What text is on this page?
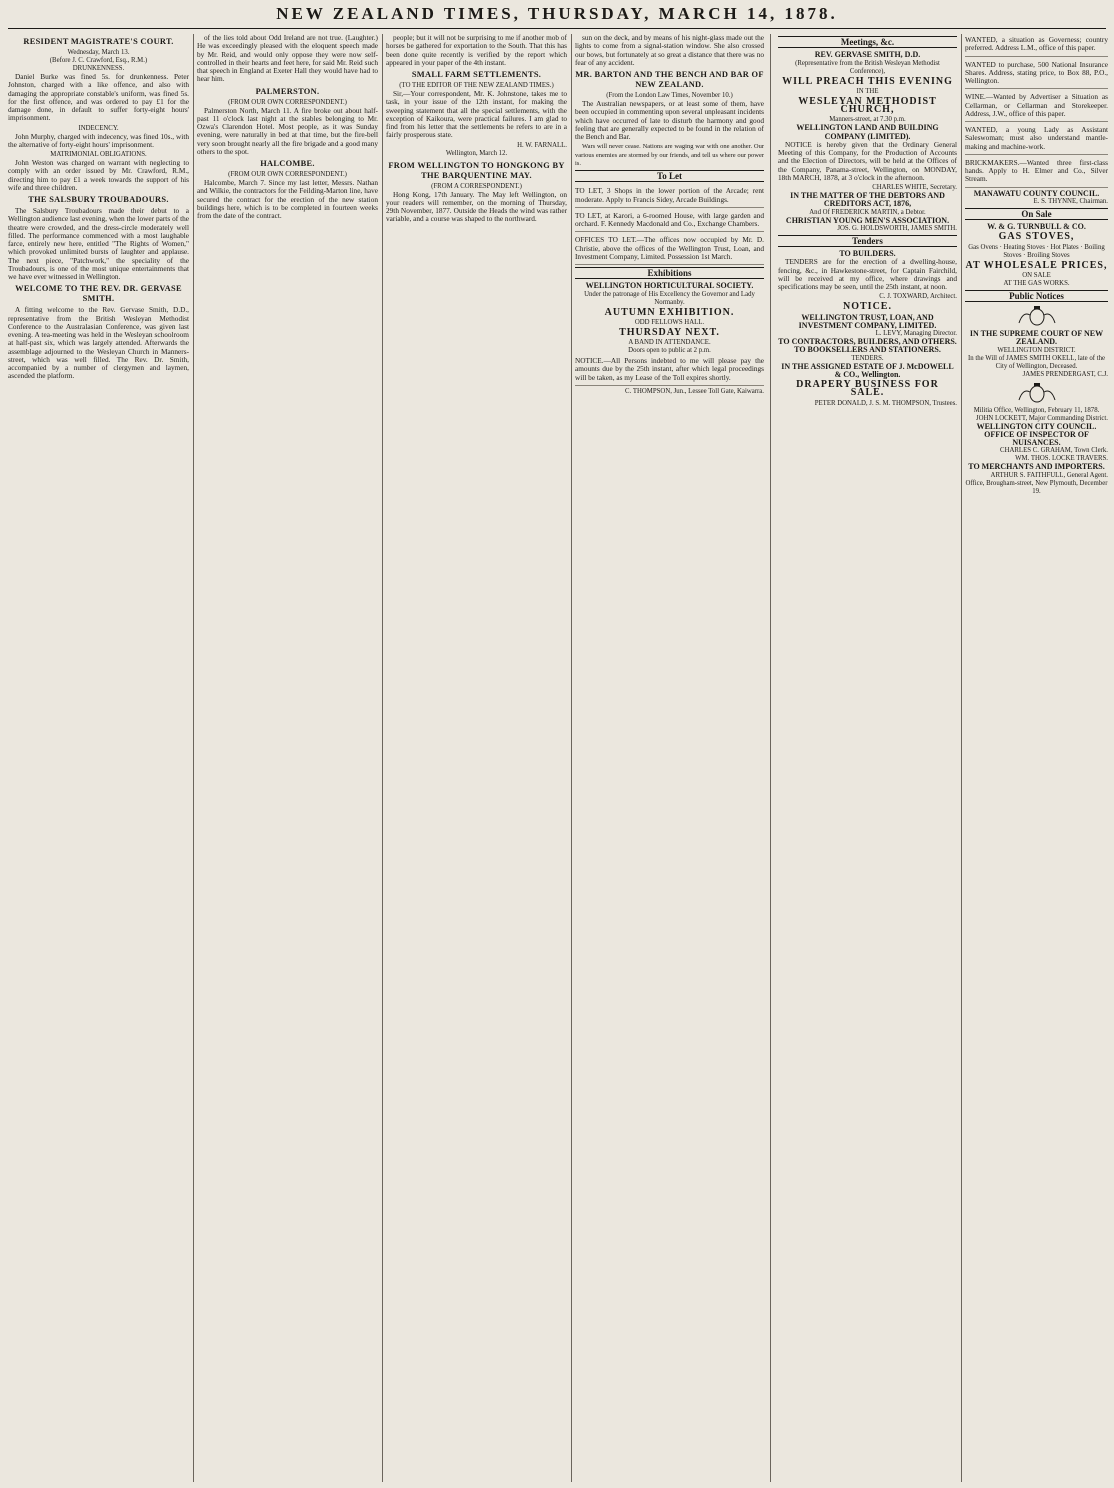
NEW ZEALAND TIMES, THURSDAY, MARCH 14, 1878.
RESIDENT MAGISTRATE'S COURT.
Wednesday, March 13.
(Before J. C. Crawford, Esq., R.M.)
DRUNKENNESS.

Daniel Burke was fined 5s. for drunkenness. Peter Johnston, charged with a like offence, and also with damaging the appropriate constable's uniform, was fined 5s. for the first offence, and was ordered to pay £1 for the damage done, in default to suffer forty-eight hours' imprisonment.

INDECENCY.

John Murphy, charged with indecency, was fined 10s., with the alternative of forty-eight hours' imprisonment.

MATRIMONIAL OBLIGATIONS.

John Weston was charged on warrant with neglecting to comply with an order issued by Mr. Crawford, R.M., directing him to pay £1 a week towards the support of his wife and three children.

THE SALSBURY TROUBADOURS.

The Salsbury Troubadours made their debut to a Wellington audience last evening, when the lower parts of the theatre were crowded, and the dress-circle moderately well filled. The performance commenced with a most laughable farce, entirely new here, entitled "The Rights of Women," which provoked unlimited bursts of laughter and applause. The next piece, "Patchwork," the speciality of the Troubadours, is one of the most unique entertainments that we have ever witnessed in Wellington.

WELCOME TO THE REV. DR. GERVASE SMITH.

A fitting welcome to the Rev. Gervase Smith, D.D., representative from the British Wesleyan Methodist Conference to the Australasian Conference, was given last evening. A tea-meeting was held in the Wesleyan schoolroom at half-past six, which was largely attended. Afterwards the assemblage adjourned to the Wesleyan Church in Manners-street, which was well filled. The Rev. Dr. Smith, accompanied by a number of clergymen and laymen, ascended the platform.

of the lies told about Odd Ireland are not true. (Laughter.) He was exceedingly pleased with the eloquent speech made by Mr. Reid, and would only oppose they were now self-controlled in their hearts and feet here, for said Mr. Reid such that speech in England at Exeter Hall they would have had to hear him.

PALMERSTON.
(FROM OUR OWN CORRESPONDENT.)

Palmerston North, March 11. A fire broke out about half-past 11 o'clock last night at the stables belonging to Mr. Ozwa's Clarendon Hotel. Most people, as it was Sunday evening, were naturally in bed at that time, but the fire-bell very soon brought nearly all the fire brigade and a good many others to the spot.

HALCOMBE.
(FROM OUR OWN CORRESPONDENT.)

Halcombe, March 7. Since my last letter, Messrs. Nathan and Wilkie, the contractors for the Feilding-Marton line, have secured the contract for the erection of the new station buildings here, which is to be completed in fourteen weeks from the date of the contract.

people; but it will not be surprising to me if another mob of horses be gathered for exportation to the South. That this has been done quite recently is verified by the report which appeared in your paper of the 4th instant.

SMALL FARM SETTLEMENTS.
(TO THE EDITOR OF THE NEW ZEALAND TIMES.)

Sir,—Your correspondent, Mr. K. Johnstone, takes me to task, in your issue of the 12th instant, for making the sweeping statement that all the special settlements, with the exception of Kaikoura, were practical failures. I am glad to find from his letter that the settlements he refers to are in a fairly prosperous state.

H. W. FARNALL.
Wellington, March 12.
FROM WELLINGTON TO HONGKONG BY THE BARQUENTINE MAY.
(FROM A CORRESPONDENT.)

Hong Kong, 17th January. The May left Wellington, on your readers will remember, on the morning of Thursday, 29th November, 1877. Outside the Heads the wind was rather variable, and a course was shaped to the northward.

sun on the deck, and by means of his night-glass made out the lights to come from a signal-station window. She also crossed our bows, but fortunately at so great a distance that there was no fear of any accident.

MR. BARTON AND THE BENCH AND BAR OF NEW ZEALAND.
(From the London Law Times, November 10.)

The Australian newspapers, or at least some of them, have been occupied in commenting upon several unpleasant incidents which have occurred of late to disturb the harmony and good feeling that are generally expected to be found in the relation of the Bench and Bar.

Wars will never cease. Nations are waging war with one another. Our various enemies are stormed by our friends, and tell us where our power is.

To Let
TO LET, 3 Shops in the lower portion of the Arcade; rent moderate. Apply to Francis Sidey, Arcade Buildings.
TO LET, at Karori, a 6-roomed House, with large garden and orchard. F. Kennedy Macdonald and Co., Exchange Chambers.
OFFICES TO LET.—The offices now occupied by Mr. D. Christie, above the offices of the Wellington Trust, Loan, and Investment Company, Limited. Possession 1st March.
Exhibitions
WELLINGTON HORTICULTURAL SOCIETY.
Under the patronage of His Excellency the Governor and Lady Normanby.
AUTUMN EXHIBITION.
ODD FELLOWS HALL.
THURSDAY NEXT.
A BAND IN ATTENDANCE.
Doors open to public at 2 p.m.
NOTICE.—All Persons indebted to me will please pay the amounts due by the 25th instant, after which legal proceedings will be taken, as my Lease of the Toll expires shortly.
C. THOMPSON, Jun., Lessee Toll Gate, Kaiwarra.
Meetings, &c.
REV. GERVASE SMITH, D.D.
(Representative from the British Wesleyan Methodist Conference),
WILL PREACH THIS EVENING
IN THE
WESLEYAN METHODIST CHURCH,
Manners-street, at 7.30 p.m.
WELLINGTON LAND AND BUILDING COMPANY (LIMITED).

NOTICE is hereby given that the Ordinary General Meeting of this Company, for the Production of Accounts and the Election of Directors, will be held at the Offices of the Company, Panama-street, Wellington, on MONDAY, 18th MARCH, 1878, at 3 o'clock in the afternoon.

CHARLES WHITE, Secretary.
IN THE MATTER OF THE DEBTORS AND CREDITORS ACT, 1876,
And Of FREDERICK MARTIN, a Debtor.
CHRISTIAN YOUNG MEN'S ASSOCIATION.
JOS. G. HOLDSWORTH, JAMES SMITH.
Tenders
TO BUILDERS.

TENDERS are for the erection of a dwelling-house, fencing, &c., in Hawkestone-street, for Captain Fairchild, will be received at my office, where drawings and specifications may be seen, until the 25th instant, at noon.

C. J. TOXWARD, Architect.
NOTICE.
WELLINGTON TRUST, LOAN, AND INVESTMENT COMPANY, LIMITED.
L. LEVY, Managing Director.
TO CONTRACTORS, BUILDERS, AND OTHERS.
TO BOOKSELLERS AND STATIONERS.
TENDERS.
IN THE ASSIGNED ESTATE OF J. McDOWELL & CO., Wellington.
DRAPERY BUSINESS FOR SALE.
PETER DONALD, J. S. M. THOMPSON, Trustees.
WANTED, a situation as Governess; country preferred. Address L.M., office of this paper.
WANTED to purchase, 500 National Insurance Shares. Address, stating price, to Box 88, P.O., Wellington.
WINE.—Wanted by Advertiser a Situation as Cellarman, or Cellarman and Storekeeper. Address, J.W., office of this paper.
WANTED, a young Lady as Assistant Saleswoman; must also understand mantle-making and machine-work.
BRICKMAKERS.—Wanted three first-class hands. Apply to H. Elmer and Co., Silver Stream.
MANAWATU COUNTY COUNCIL.
E. S. THYNNE, Chairman.
On Sale
W. & G. TURNBULL & CO.
GAS STOVES,
Gas Ovens · Heating Stoves · Hot Plates · Boiling Stoves · Broiling Stoves
AT WHOLESALE PRICES,
ON SALE
AT THE GAS WORKS.
Public Notices
IN THE SUPREME COURT OF NEW ZEALAND.
WELLINGTON DISTRICT.
In the Will of JAMES SMITH OKELL, late of the City of Wellington, Deceased.
JAMES PRENDERGAST, C.J.
Militia Office, Wellington, February 11, 1878.
JOHN LOCKETT, Major Commanding District.
WELLINGTON CITY COUNCIL.
OFFICE OF INSPECTOR OF NUISANCES.
CHARLES C. GRAHAM, Town Clerk.
WM. THOS. LOCKE TRAVERS.
TO MERCHANTS AND IMPORTERS.
ARTHUR S. FAITHFULL, General Agent.
Office, Brougham-street, New Plymouth, December 19.
